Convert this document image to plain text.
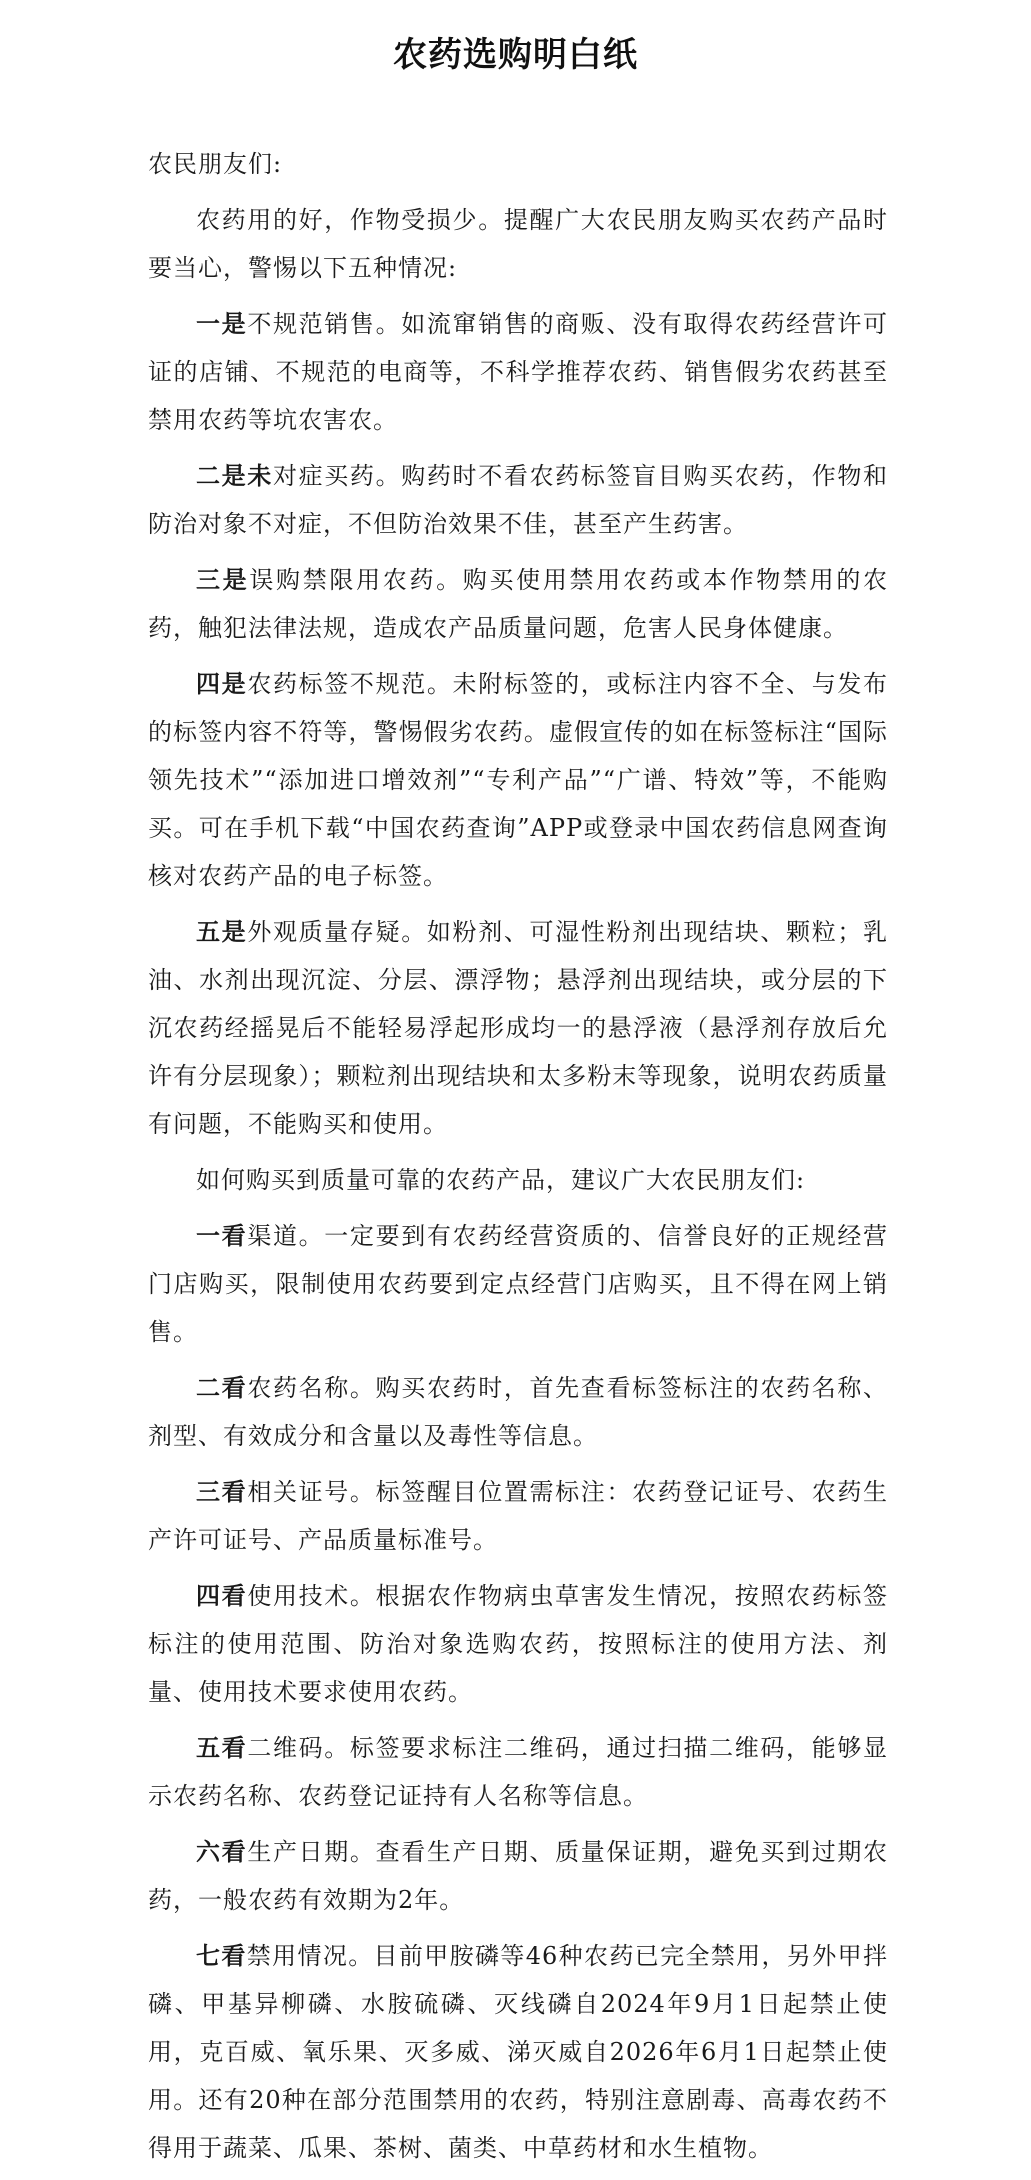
农药选购明白纸

农民朋友们:

农药用的好，作物受损少。提醒广大农民朋友购买农药产品时要当心，警惕以下五种情况:

一是不规范销售。如流窜销售的商贩、没有取得农药经营许可证的店铺、不规范的电商等，不科学推荐农药、销售假劣农药甚至禁用农药等坑农害农。

二是未对症买药。购药时不看农药标签盲目购买农药，作物和防治对象不对症，不但防治效果不佳，甚至产生药害。

三是误购禁限用农药。购买使用禁用农药或本作物禁用的农药，触犯法律法规，造成农产品质量问题，危害人民身体健康。

四是农药标签不规范。未附标签的，或标注内容不全、与发布的标签内容不符等，警惕假劣农药。虚假宣传的如在标签标注“国际领先技术”“添加进口增效剂”“专利产品”“广谱、特效”等，不能购买。可在手机下载“中国农药查询”APP或登录中国农药信息网查询核对农药产品的电子标签。

五是外观质量存疑。如粉剂、可湿性粉剂出现结块、颗粒；乳油、水剂出现沉淀、分层、漂浮物；悬浮剂出现结块，或分层的下沉农药经摇晃后不能轻易浮起形成均一的悬浮液（悬浮剂存放后允许有分层现象）；颗粒剂出现结块和太多粉末等现象，说明农药质量有问题，不能购买和使用。

如何购买到质量可靠的农药产品，建议广大农民朋友们:

一看渠道。一定要到有农药经营资质的、信誉良好的正规经营门店购买，限制使用农药要到定点经营门店购买，且不得在网上销售。

二看农药名称。购买农药时，首先查看标签标注的农药名称、剂型、有效成分和含量以及毒性等信息。

三看相关证号。标签醒目位置需标注：农药登记证号、农药生产许可证号、产品质量标准号。

四看使用技术。根据农作物病虫草害发生情况，按照农药标签标注的使用范围、防治对象选购农药，按照标注的使用方法、剂量、使用技术要求使用农药。

五看二维码。标签要求标注二维码，通过扫描二维码，能够显示农药名称、农药登记证持有人名称等信息。

六看生产日期。查看生产日期、质量保证期，避免买到过期农药，一般农药有效期为2年。

七看禁用情况。目前甲胺磷等46种农药已完全禁用，另外甲拌磷、甲基异柳磷、水胺硫磷、灭线磷自2024年9月1日起禁止使用，克百威、氧乐果、灭多威、涕灭威自2026年6月1日起禁止使用。还有20种在部分范围禁用的农药，特别注意剧毒、高毒农药不得用于蔬菜、瓜果、茶树、菌类、中草药材和水生植物。
